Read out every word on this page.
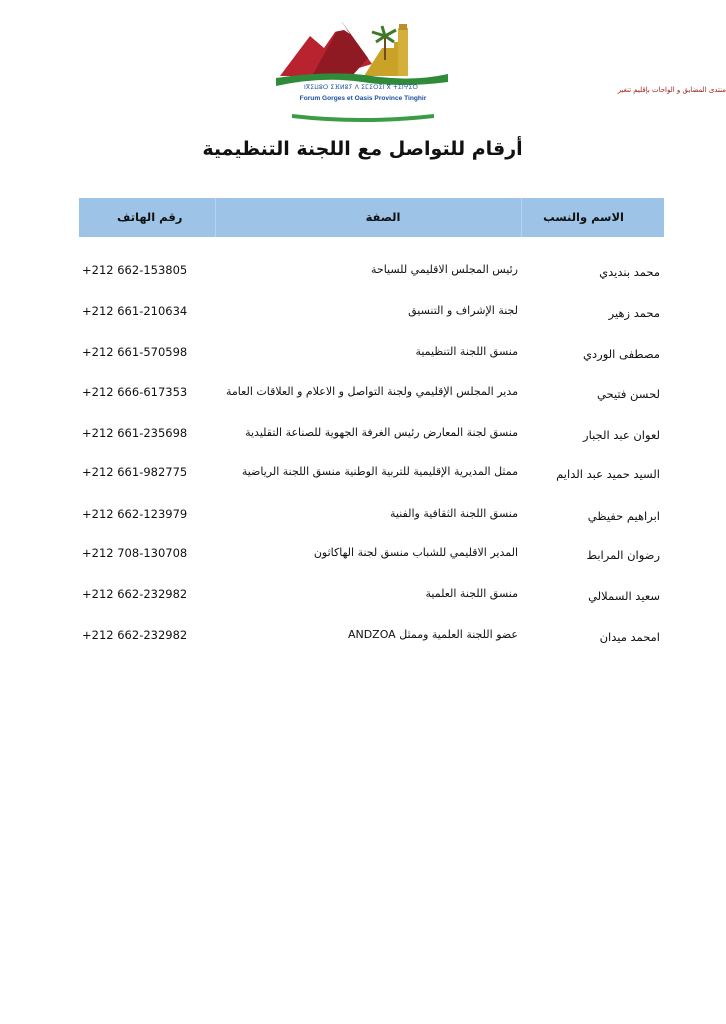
منتدى المضايق و الواحات بإقليم تنغير
ⵏⴳⵉⵡⵓⵔ ⵉⴼⵍⵓⵢ ⴷ ⵉⵎⵉⵔⵉⵏ ⴳ ⵜⵉⵏⵖⵉⵔ
Forum Gorges et Oasis Province Tinghir
أرقام للتواصل مع اللجنة التنظيمية
الاسم والنسب
الصفة
رقم الهاتف
محمد بنديدي
رئيس المجلس الاقليمي للسياحة
+212 662-153805
محمد زهير
لجنة الإشراف و التنسيق
+212 661-210634
مصطفى الوردي
منسق اللجنة التنظيمية
+212 661-570598
لحسن فتيحي
مدير المجلس الإقليمي ولجنة التواصل و الاعلام و العلاقات العامة
+212 666-617353
لعوان عبد الجبار
منسق لجنة المعارض رئيس الغرفة الجهوية للصناعة التقليدية
+212 661-235698
السيد حميد عبد الدايم
ممثل المديرية الإقليمية للتربية الوطنية منسق اللجنة الرياضية
+212 661-982775
ابراهيم حفيظي
منسق اللجنة الثقافية والفنية
+212 662-123979
رضوان المرابط
المدير الاقليمي للشباب منسق لجنة الهاكاثون
+212 708-130708
سعيد السملالي
منسق اللجنة العلمية
+212 662-232982
امحمد ميدان
عضو اللجنة العلمية وممثل ANDZOA
+212 662-232982
